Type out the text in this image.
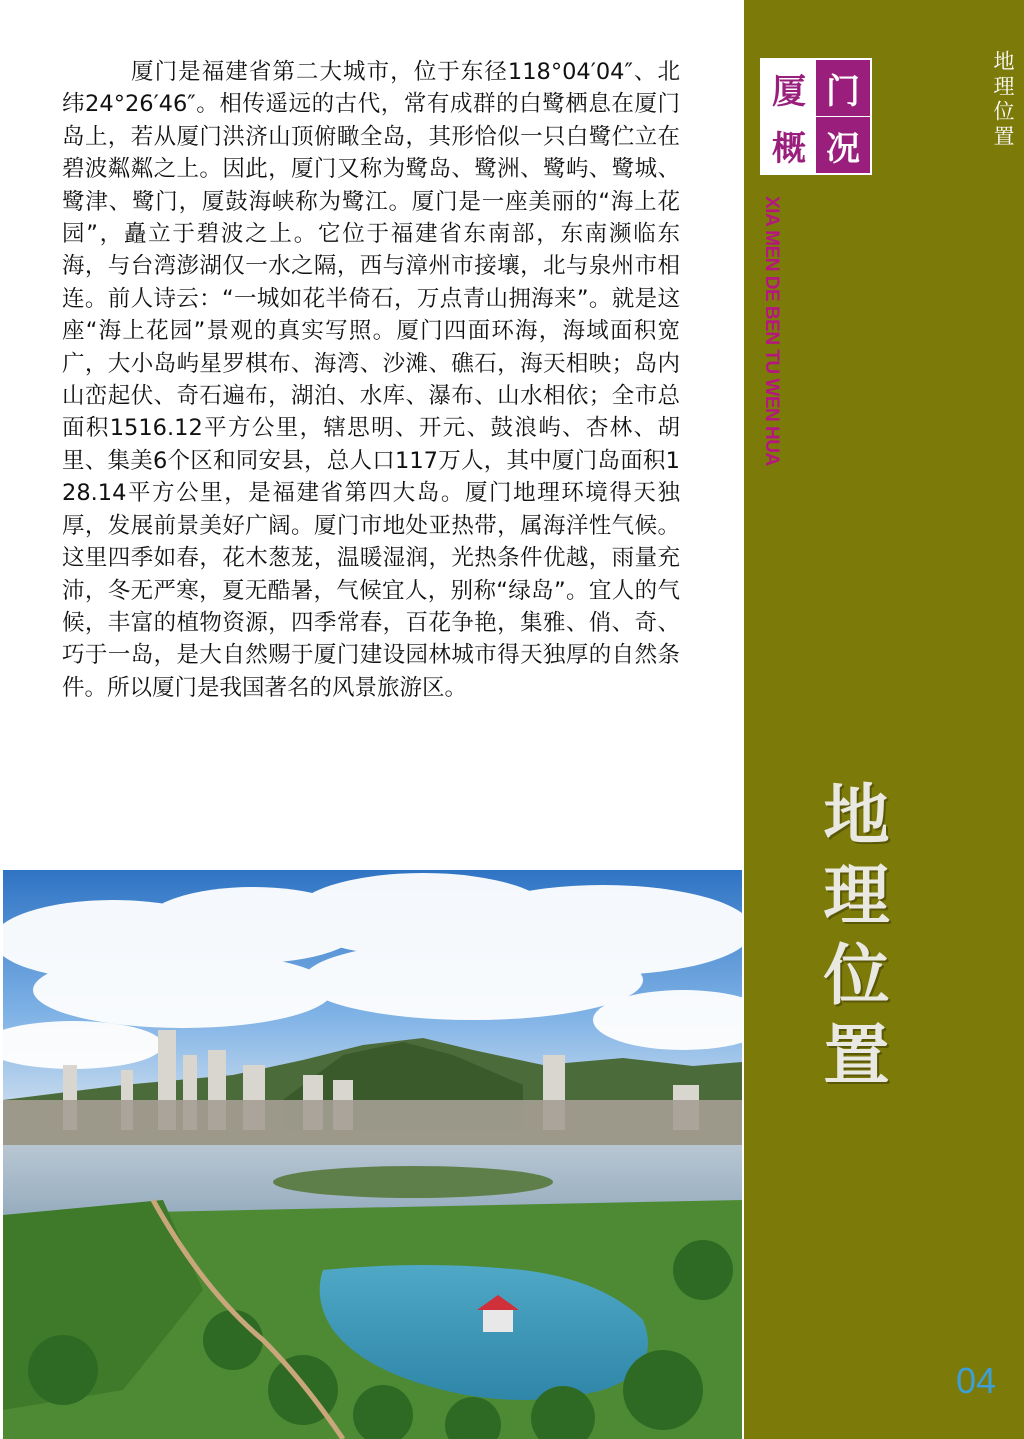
厦门是福建省第二大城市，位于东径118°04′04″、北纬24°26′46″。相传遥远的古代，常有成群的白鹭栖息在厦门岛上，若从厦门洪济山顶俯瞰全岛，其形恰似一只白鹭伫立在碧波粼粼之上。因此，厦门又称为鹭岛、鹭洲、鹭屿、鹭城、鹭津、鹭门，厦鼓海峡称为鹭江。厦门是一座美丽的“海上花园”，矗立于碧波之上。它位于福建省东南部，东南濒临东海，与台湾澎湖仅一水之隔，西与漳州市接壤，北与泉州市相连。前人诗云：“一城如花半倚石，万点青山拥海来”。就是这座“海上花园”景观的真实写照。厦门四面环海，海域面积宽广，大小岛屿星罗棋布、海湾、沙滩、礁石，海天相映；岛内山峦起伏、奇石遍布，湖泊、水库、瀑布、山水相依；全市总面积1516.12平方公里，辖思明、开元、鼓浪屿、杏林、胡里、集美6个区和同安县，总人口117万人，其中厦门岛面积128.14平方公里，是福建省第四大岛。厦门地理环境得天独厚，发展前景美好广阔。厦门市地处亚热带，属海洋性气候。这里四季如春，花木葱茏，温暖湿润，光热条件优越，雨量充沛，冬无严寒，夏无酷暑，气候宜人，别称“绿岛”。宜人的气候，丰富的植物资源，四季常春，百花争艳，集雅、俏、奇、巧于一岛，是大自然赐于厦门建设园林城市得天独厚的自然条件。所以厦门是我国著名的风景旅游区。

厦 门
概 况
XIA MEN DE BEN TU WEN HUA
地理位置
地理位置
04
